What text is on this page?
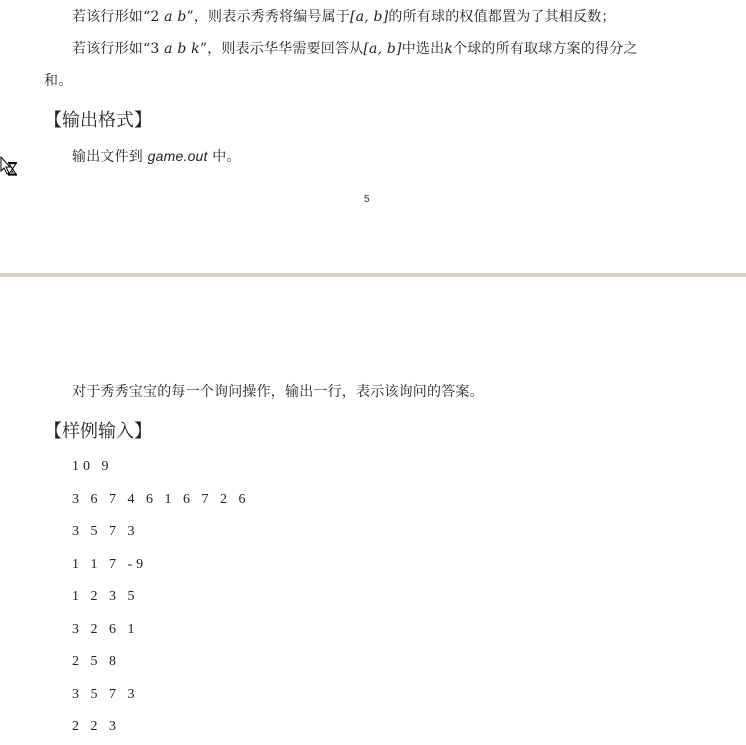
若该行形如“2 a b”，则表示秀秀将编号属于[a, b]的所有球的权值都置为了其相反数；
若该行形如“3 a b k”，则表示华华需要回答从[a, b]中选出k个球的所有取球方案的得分之
和。
【输出格式】
输出文件到 game.out 中。
5
对于秀秀宝宝的每一个询问操作，输出一行，表示该询问的答案。
【样例输入】
10 9
3 6 7 4 6 1 6 7 2 6
3 5 7 3
1 1 7 -9
1 2 3 5
3 2 6 1
2 5 8
3 5 7 3
2 2 3
